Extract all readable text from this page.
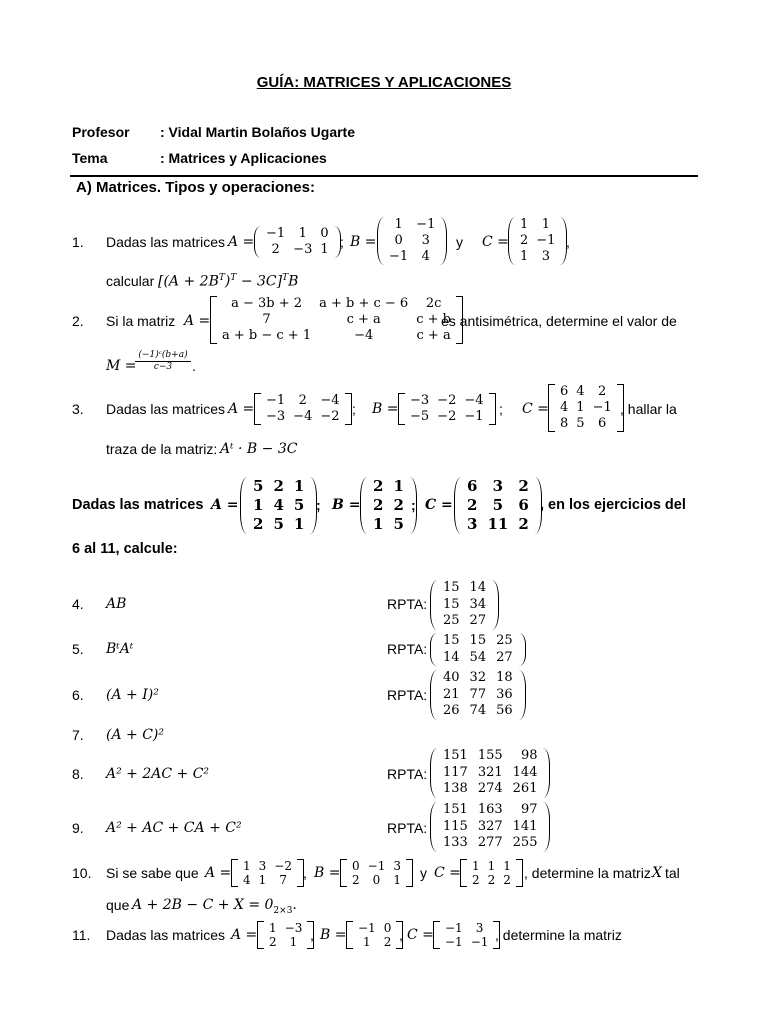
GUÍA: MATRICES Y APLICACIONES
Profesor : Vidal Martin Bolaños Ugarte
Tema	: Matrices y Aplicaciones
A) Matrices. Tipos y operaciones:
1. Dadas las matrices A =
−1	1	0
2	−3	1 ; B =
1	−1
0	3
−1	4
y C =
1	1
2	−1
1	3
,
calcular $[(A + 2B^T)^T - 3C]^TB$
2. Si la matriz A =
a − 3b + 2	a + b + c − 6	2c
7	c + a	c + b
a + b − c + 1	−4	c + a
es antisimétrica, determine el valor de
M =
(−1)ᶜ(b+a)
c−3	.
3. Dadas las matrices A =
−1	2	−4
−3	−4	−2 ; B =
−3	−2	−4
−5	−2	−1 ; C =
6	4	2
4	1	−1
8	5	6
, hallar la
traza de la matriz: Aᵗ · B − 3C
Dadas las matrices A =
5	2	1
1	4	5
2	5	1
; B =
2	1
2	2
1	5
; C =
6	3	2
2	5	6
3	11	2
, en los ejercicios del
6 al 11, calcule:
4. AB	RPTA:
15	14
15	34
25	27
5. BᵗAᵗ	RPTA:
15	15	25
14	54	27
6. (A + I)²	RPTA:
40	32	18
21	77	36
26	74	56
7. (A + C)²
8. A² + 2AC + C²	RPTA:
151	155	98
117	321	144
138	274	261
9. A² + AC + CA + C²	RPTA:
151	163	97
115	327	141
133	277	255
10. Si se sabe que A = 1	3	−2
4	1	7 , B = 0	−1	3
2	0	1 y C = 1	1	1
2	2	2 , determine la matriz X tal
que $A + 2B - C + X = 0_{2\times 3}$.
11. Dadas las matrices A = 1	−3
2	1 , B = −1	0
1	2 , C = −1	3
−1	−1 , determine la matriz
